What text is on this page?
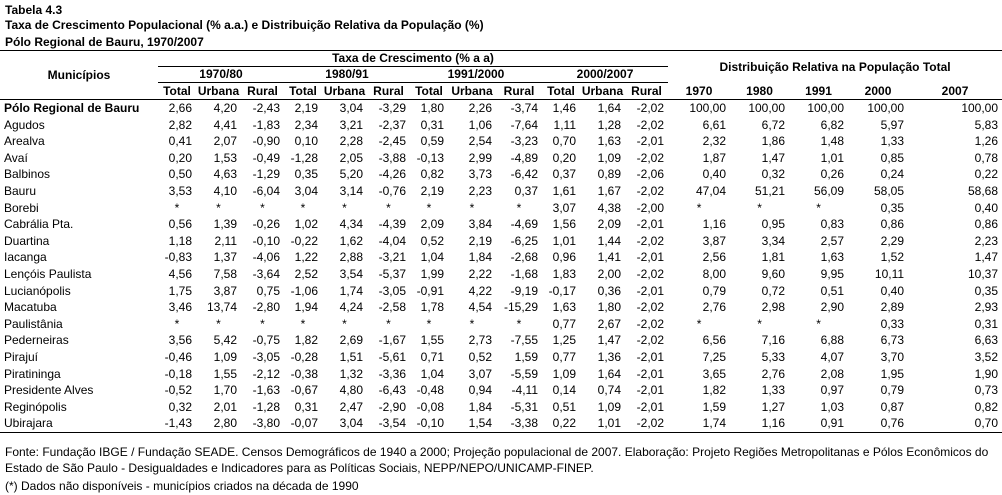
Tabela 4.3
Taxa de Crescimento Populacional (% a.a.) e Distribuição Relativa da População (%)
Pólo Regional de Bauru, 1970/2007
Municípios	Taxa de Crescimento (% a a)												Distribuição Relativa na População Total				
	1970/80			1980/91			1991/2000			2000/2007							
	Total	Urbana	Rural	Total	Urbana	Rural	Total	Urbana	Rural	Total	Urbana	Rural	1970	1980	1991	2000	2007
Pólo Regional de Bauru	2,66	4,20	-2,43	2,19	3,04	-3,29	1,80	2,26	-3,74	1,46	1,64	-2,02	100,00	100,00	100,00	100,00	100,00
Agudos	2,82	4,41	-1,83	2,34	3,21	-2,37	0,31	1,06	-7,64	1,11	1,28	-2,02	6,61	6,72	6,82	5,97	5,83
Arealva	0,41	2,07	-0,90	0,10	2,28	-2,45	0,59	2,54	-3,23	0,70	1,63	-2,01	2,32	1,86	1,48	1,33	1,26
Avaí	0,20	1,53	-0,49	-1,28	2,05	-3,88	-0,13	2,99	-4,89	0,20	1,09	-2,02	1,87	1,47	1,01	0,85	0,78
Balbinos	0,50	4,63	-1,29	0,35	5,20	-4,26	0,82	3,73	-6,42	0,37	0,89	-2,06	0,40	0,32	0,26	0,24	0,22
Bauru	3,53	4,10	-6,04	3,04	3,14	-0,76	2,19	2,23	0,37	1,61	1,67	-2,02	47,04	51,21	56,09	58,05	58,68
Borebi	*	*	*	*	*	*	*	*	*	3,07	4,38	-2,00	*	*	*	0,35	0,40
Cabrália Pta.	0,56	1,39	-0,26	1,02	4,34	-4,39	2,09	3,84	-4,69	1,56	2,09	-2,01	1,16	0,95	0,83	0,86	0,86
Duartina	1,18	2,11	-0,10	-0,22	1,62	-4,04	0,52	2,19	-6,25	1,01	1,44	-2,02	3,87	3,34	2,57	2,29	2,23
Iacanga	-0,83	1,37	-4,06	1,22	2,88	-3,21	1,04	1,84	-2,68	0,96	1,41	-2,01	2,56	1,81	1,63	1,52	1,47
Lençóis Paulista	4,56	7,58	-3,64	2,52	3,54	-5,37	1,99	2,22	-1,68	1,83	2,00	-2,02	8,00	9,60	9,95	10,11	10,37
Lucianópolis	1,75	3,87	0,75	-1,06	1,74	-3,05	-0,91	4,22	-9,19	-0,17	0,36	-2,01	0,79	0,72	0,51	0,40	0,35
Macatuba	3,46	13,74	-2,80	1,94	4,24	-2,58	1,78	4,54	-15,29	1,63	1,80	-2,02	2,76	2,98	2,90	2,89	2,93
Paulistânia	*	*	*	*	*	*	*	*	*	0,77	2,67	-2,02	*	*	*	0,33	0,31
Pederneiras	3,56	5,42	-0,75	1,82	2,69	-1,67	1,55	2,73	-7,55	1,25	1,47	-2,02	6,56	7,16	6,88	6,73	6,63
Pirajuí	-0,46	1,09	-3,05	-0,28	1,51	-5,61	0,71	0,52	1,59	0,77	1,36	-2,01	7,25	5,33	4,07	3,70	3,52
Piratininga	-0,18	1,55	-2,12	-0,38	1,32	-3,36	1,04	3,07	-5,59	1,09	1,64	-2,01	3,65	2,76	2,08	1,95	1,90
Presidente Alves	-0,52	1,70	-1,63	-0,67	4,80	-6,43	-0,48	0,94	-4,11	0,14	0,74	-2,01	1,82	1,33	0,97	0,79	0,73
Reginópolis	0,32	2,01	-1,28	0,31	2,47	-2,90	-0,08	1,84	-5,31	0,51	1,09	-2,01	1,59	1,27	1,03	0,87	0,82
Ubirajara	-1,43	2,80	-3,80	-0,07	3,04	-3,54	-0,10	1,54	-3,38	0,22	1,01	-2,02	1,74	1,16	0,91	0,76	0,70
Fonte: Fundação IBGE / Fundação SEADE. Censos Demográficos de 1940 a 2000; Projeção populacional de 2007. Elaboração: Projeto Regiões Metropolitanas e Pólos Econômicos do Estado de São Paulo - Desigualdades e Indicadores para as Políticas Sociais, NEPP/NEPO/UNICAMP-FINEP.
(*) Dados não disponíveis - municípios criados na década de 1990
